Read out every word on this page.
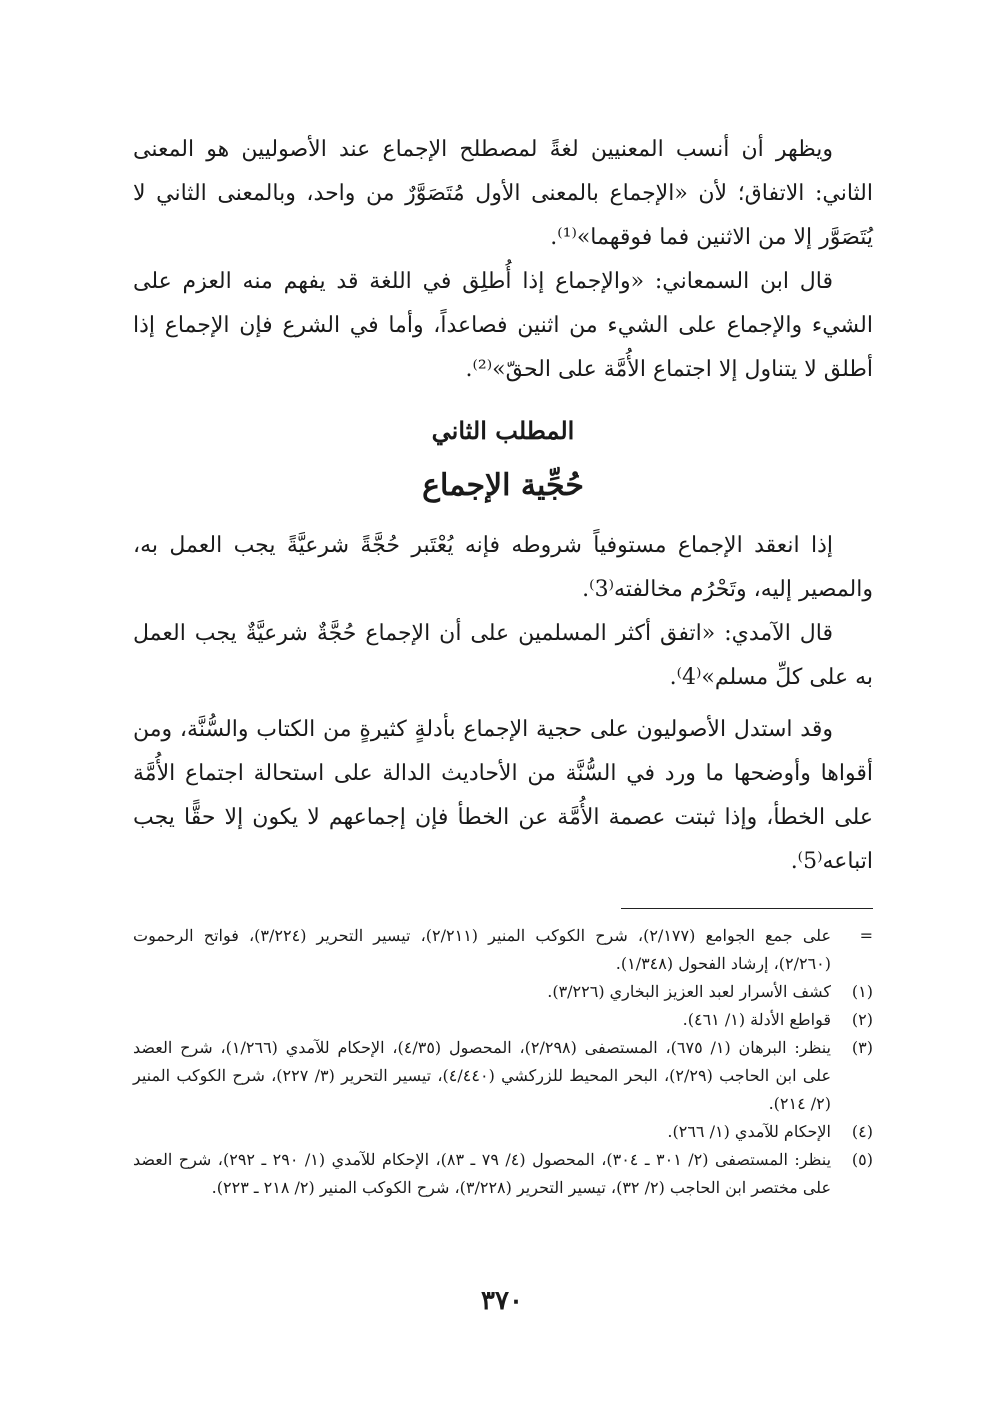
ويظهر أن أنسب المعنيين لغةً لمصطلح الإجماع عند الأصوليين هو المعنى الثاني: الاتفاق؛ لأن «الإجماع بالمعنى الأول مُتَصَوَّرٌ من واحد، وبالمعنى الثاني لا يُتَصَوَّر إلا من الاثنين فما فوقهما»⁽¹⁾.

قال ابن السمعاني: «والإجماع إذا أُطلِق في اللغة قد يفهم منه العزم على الشيء والإجماع على الشيء من اثنين فصاعداً، وأما في الشرع فإن الإجماع إذا أطلق لا يتناول إلا اجتماع الأُمَّة على الحقّ»⁽²⁾.

المطلب الثاني
حُجِّية الإجماع

إذا انعقد الإجماع مستوفياً شروطه فإنه يُعْتَبر حُجَّةً شرعيَّةً يجب العمل به، والمصير إليه، وتَحْرُم مخالفته⁽3⁾.

قال الآمدي: «اتفق أكثر المسلمين على أن الإجماع حُجَّةٌ شرعيَّةٌ يجب العمل به على كلِّ مسلم»⁽4⁾.

وقد استدل الأصوليون على حجية الإجماع بأدلةٍ كثيرةٍ من الكتاب والسُّنَّة، ومن أقواها وأوضحها ما ورد في السُّنَّة من الأحاديث الدالة على استحالة اجتماع الأُمَّة على الخطأ، وإذا ثبتت عصمة الأُمَّة عن الخطأ فإن إجماعهم لا يكون إلا حقًّا يجب اتباعه⁽5⁾.

=
على جمع الجوامع (٢/١٧٧)، شرح الكوكب المنير (٢/٢١١)، تيسير التحرير (٣/٢٢٤)، فواتح الرحموت (٢/٢٦٠)، إرشاد الفحول (١/٣٤٨).
(١)
كشف الأسرار لعبد العزيز البخاري (٣/٢٢٦).
(٢)
قواطع الأدلة (١/ ٤٦١).
(٣)
ينظر: البرهان (١/ ٦٧٥)، المستصفى (٢/٢٩٨)، المحصول (٤/٣٥)، الإحكام للآمدي (١/٢٦٦)، شرح العضد على ابن الحاجب (٢/٢٩)، البحر المحيط للزركشي (٤/٤٤٠)، تيسير التحرير (٣/ ٢٢٧)، شرح الكوكب المنير (٢/ ٢١٤).
(٤)
الإحكام للآمدي (١/ ٢٦٦).
(٥)
ينظر: المستصفى (٢/ ٣٠١ ـ ٣٠٤)، المحصول (٤/ ٧٩ ـ ٨٣)، الإحكام للآمدي (١/ ٢٩٠ ـ ٢٩٢)، شرح العضد على مختصر ابن الحاجب (٢/ ٣٢)، تيسير التحرير (٣/٢٢٨)، شرح الكوكب المنير (٢/ ٢١٨ ـ ٢٢٣).
٣٧٠
